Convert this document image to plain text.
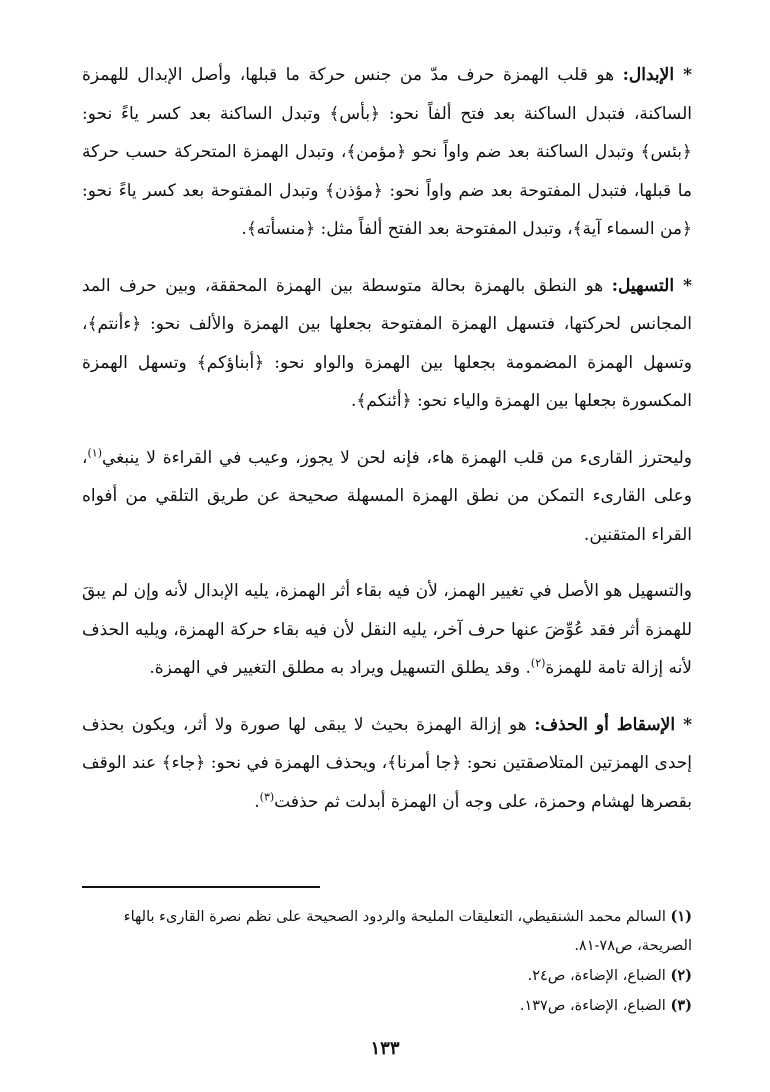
* الإبدال: هو قلب الهمزة حرف مدّ من جنس حركة ما قبلها، وأصل الإبدال للهمزة الساكنة، فتبدل الساكنة بعد فتح ألفاً نحو: ﴿بأس﴾ وتبدل الساكنة بعد كسر ياءً نحو: ﴿بئس﴾ وتبدل الساكنة بعد ضم واواً نحو ﴿مؤمن﴾، وتبدل الهمزة المتحركة حسب حركة ما قبلها، فتبدل المفتوحة بعد ضم واواً نحو: ﴿مؤذن﴾ وتبدل المفتوحة بعد كسر ياءً نحو: ﴿من السماء آية﴾، وتبدل المفتوحة بعد الفتح ألفاً مثل: ﴿منسأته﴾.

* التسهيل: هو النطق بالهمزة بحالة متوسطة بين الهمزة المحققة، وبين حرف المد المجانس لحركتها، فتسهل الهمزة المفتوحة بجعلها بين الهمزة والألف نحو: ﴿ءأنتم﴾، وتسهل الهمزة المضمومة بجعلها بين الهمزة والواو نحو: ﴿أبناؤكم﴾ وتسهل الهمزة المكسورة بجعلها بين الهمزة والياء نحو: ﴿أئنكم﴾.

وليحترز القارىء من قلب الهمزة هاء، فإنه لحن لا يجوز، وعيب في القراءة لا ينبغي$^{(١)}$، وعلى القارىء التمكن من نطق الهمزة المسهلة صحيحة عن طريق التلقي من أفواه القراء المتقنين.

والتسهيل هو الأصل في تغيير الهمز، لأن فيه بقاء أثر الهمزة، يليه الإبدال لأنه وإن لم يبقَ للهمزة أثر فقد عُوِّضَ عنها حرف آخر، يليه النقل لأن فيه بقاء حركة الهمزة، ويليه الحذف لأنه إزالة تامة للهمزة$^{(٢)}$. وقد يطلق التسهيل ويراد به مطلق التغيير في الهمزة.

* الإسقاط أو الحذف: هو إزالة الهمزة بحيث لا يبقى لها صورة ولا أثر، ويكون بحذف إحدى الهمزتين المتلاصقتين نحو: ﴿جا أمرنا﴾، ويحذف الهمزة في نحو: ﴿جاء﴾ عند الوقف بقصرها لهشام وحمزة، على وجه أن الهمزة أبدلت ثم حذفت$^{(٣)}$.

(١) السالم محمد الشنقيطي، التعليقات المليحة والردود الصحيحة على نظم نصرة القارىء بالهاء الصريحة، ص٧٨-٨١.

(٢) الضباع، الإضاءة، ص٢٤.

(٣) الضباع، الإضاءة، ص١٣٧.

١٣٣
